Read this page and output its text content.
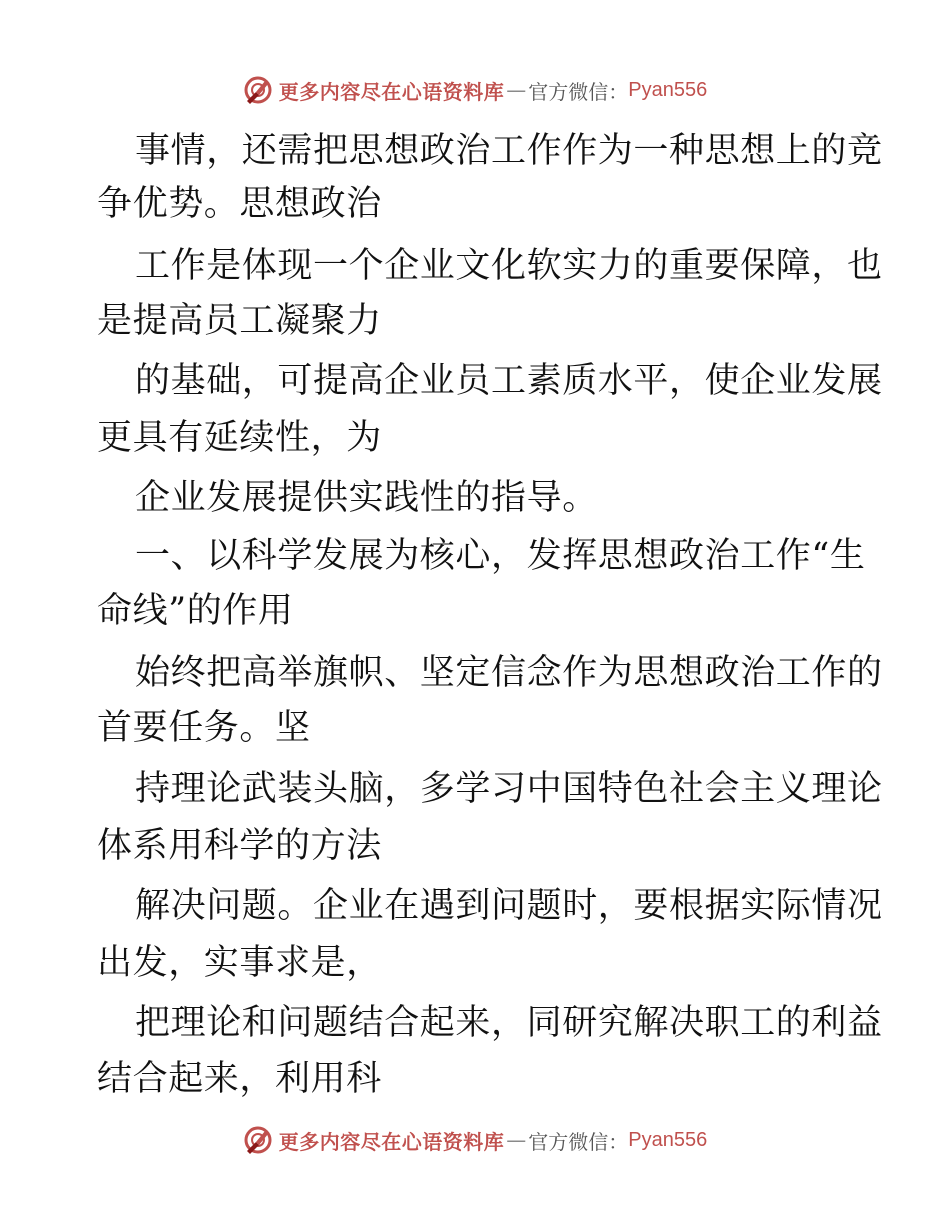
更多内容尽在心语资料库 — 官方微信： Pyan556
事情，还需把思想政治工作作为一种思想上的竞
争优势。思想政治
工作是体现一个企业文化软实力的重要保障，也
是提高员工凝聚力
的基础，可提高企业员工素质水平，使企业发展
更具有延续性，为
企业发展提供实践性的指导。
一、以科学发展为核心，发挥思想政治工作“生
命线”的作用
始终把高举旗帜、坚定信念作为思想政治工作的
首要任务。坚
持理论武装头脑，多学习中国特色社会主义理论
体系用科学的方法
解决问题。企业在遇到问题时，要根据实际情况
出发，实事求是，
把理论和问题结合起来，同研究解决职工的利益
结合起来，利用科
更多内容尽在心语资料库 — 官方微信： Pyan556
